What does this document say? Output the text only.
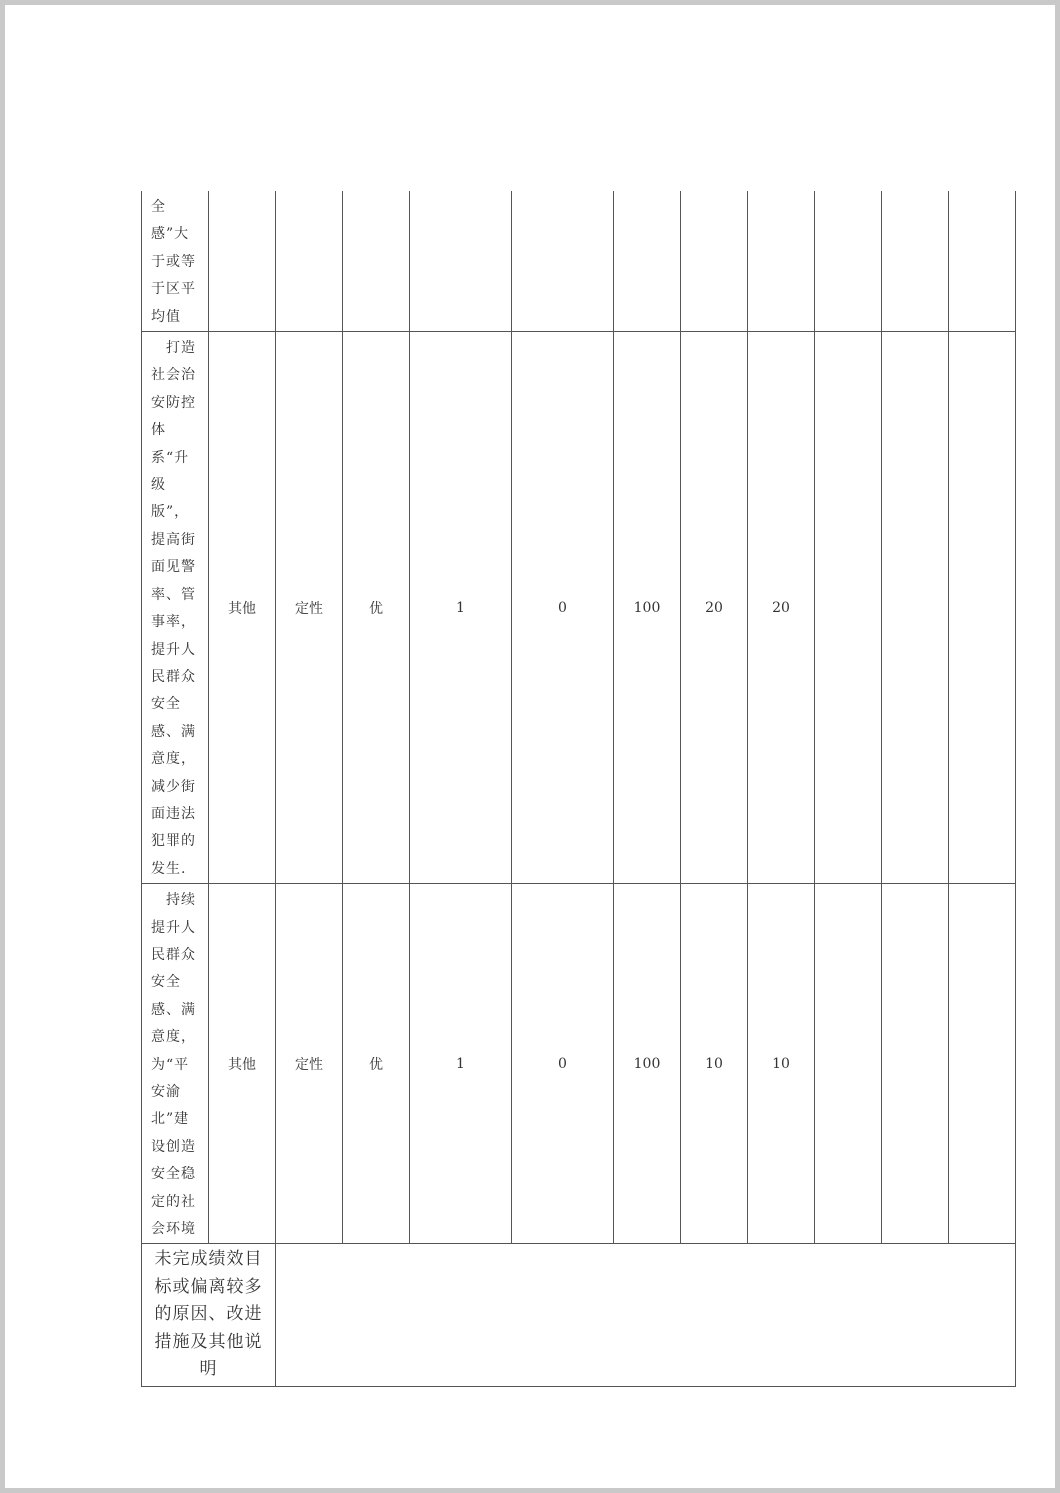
全感”大于或等于区平均值											
　打造社会治安防控体系“升级版”，提高街面见警率、管事率，提升人民群众安全感、满意度，减少街面违法犯罪的发生.	其他	定性	优	1	0	100	20	20			
　持续提升人民群众安全感、满意度，为“平安渝北”建设创造安全稳定的社会环境	其他	定性	优	1	0	100	10	10			
未完成绩效目标或偏离较多的原因、改进措施及其他说明											
